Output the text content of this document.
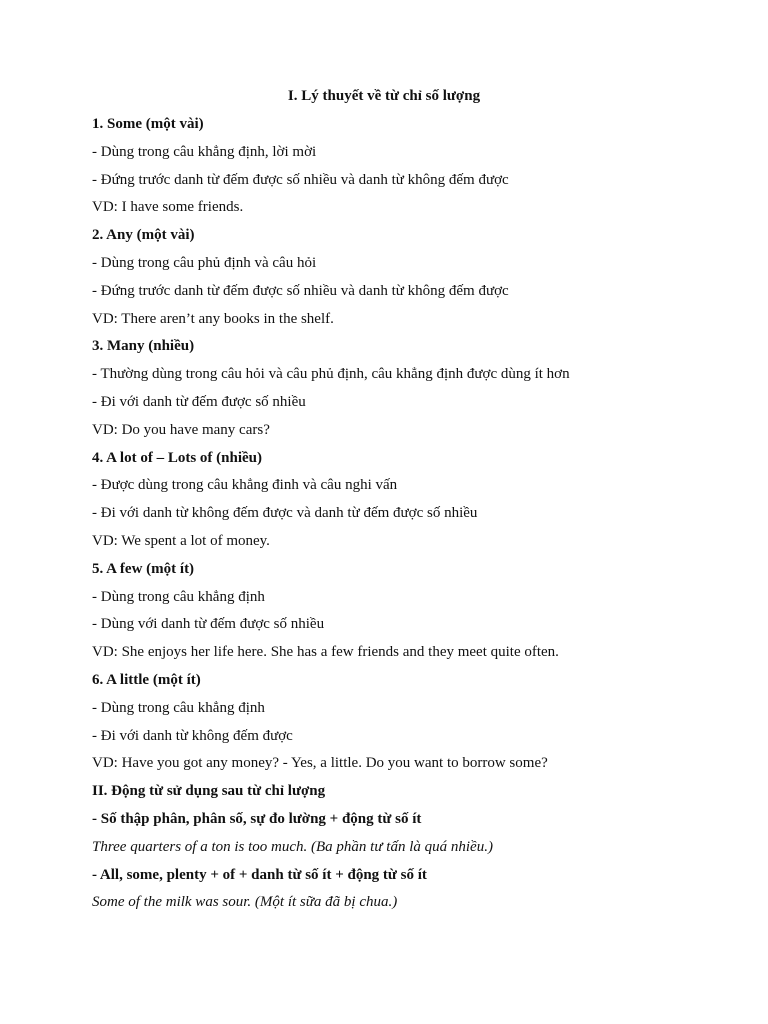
I. Lý thuyết về từ chỉ số lượng
1. Some (một vài)
- Dùng trong câu khẳng định, lời mời
- Đứng trước danh từ đếm được số nhiều và danh từ không đếm được
VD: I have some friends.
2. Any (một vài)
- Dùng trong câu phủ định và câu hỏi
- Đứng trước danh từ đếm được số nhiều và danh từ không đếm được
VD: There aren’t any books in the shelf.
3. Many (nhiều)
- Thường dùng trong câu hỏi và câu phủ định, câu khẳng định được dùng ít hơn
- Đi với danh từ đếm được số nhiều
VD: Do you have many cars?
4. A lot of – Lots of (nhiều)
- Được dùng trong câu khẳng đinh và câu nghi vấn
- Đi với danh từ không đếm được và danh từ đếm được số nhiều
VD: We spent a lot of money.
5. A few (một ít)
- Dùng trong câu khẳng định
- Dùng với danh từ đếm được số nhiều
VD: She enjoys her life here. She has a few friends and they meet quite often.
6. A little (một ít)
- Dùng trong câu khẳng định
- Đi với danh từ không đếm được
VD: Have you got any money? - Yes, a little. Do you want to borrow some?
II. Động từ sử dụng sau từ chỉ lượng
- Số thập phân, phân số, sự đo lường + động từ số ít
Three quarters of a ton is too much. (Ba phần tư tấn là quá nhiều.)
- All, some, plenty + of + danh từ số ít + động từ số ít
Some of the milk was sour. (Một ít sữa đã bị chua.)
